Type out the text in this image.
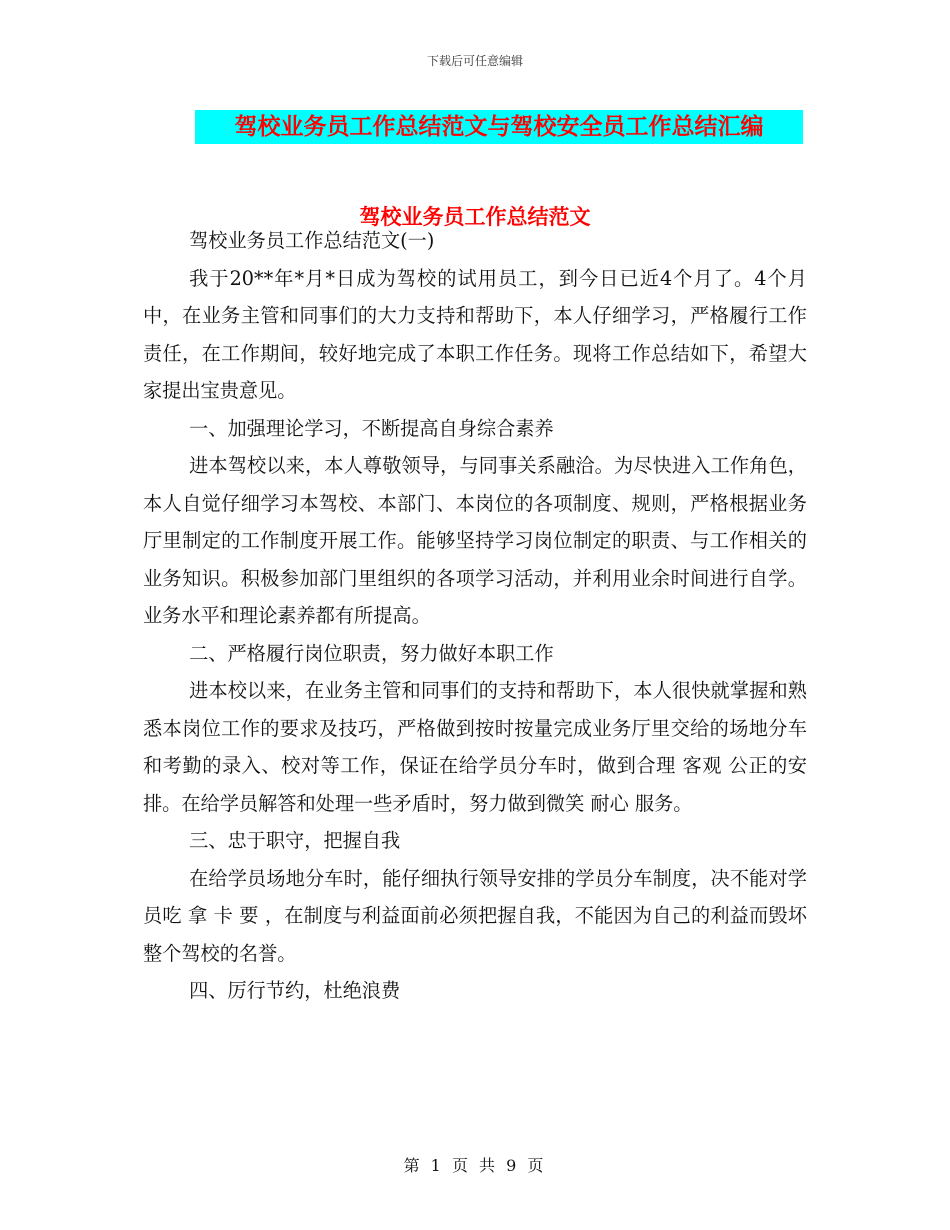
下载后可任意编辑
驾校业务员工作总结范文与驾校安全员工作总结汇编
驾校业务员工作总结范文

驾校业务员工作总结范文(一)

我于20**年*月*日成为驾校的试用员工，到今日已近4个月了。4个月中，在业务主管和同事们的大力支持和帮助下，本人仔细学习，严格履行工作责任，在工作期间，较好地完成了本职工作任务。现将工作总结如下，希望大家提出宝贵意见。

一、加强理论学习，不断提高自身综合素养

进本驾校以来，本人尊敬领导，与同事关系融洽。为尽快进入工作角色，本人自觉仔细学习本驾校、本部门、本岗位的各项制度、规则，严格根据业务厅里制定的工作制度开展工作。能够坚持学习岗位制定的职责、与工作相关的业务知识。积极参加部门里组织的各项学习活动，并利用业余时间进行自学。业务水平和理论素养都有所提高。

二、严格履行岗位职责，努力做好本职工作

进本校以来，在业务主管和同事们的支持和帮助下，本人很快就掌握和熟悉本岗位工作的要求及技巧，严格做到按时按量完成业务厅里交给的场地分车和考勤的录入、校对等工作，保证在给学员分车时，做到合理 客观 公正的安排。在给学员解答和处理一些矛盾时，努力做到微笑 耐心 服务。

三、忠于职守，把握自我

在给学员场地分车时，能仔细执行领导安排的学员分车制度，决不能对学员吃 拿 卡 要 ，在制度与利益面前必须把握自我，不能因为自己的利益而毁坏整个驾校的名誉。

四、厉行节约，杜绝浪费

第 1 页 共 9 页
